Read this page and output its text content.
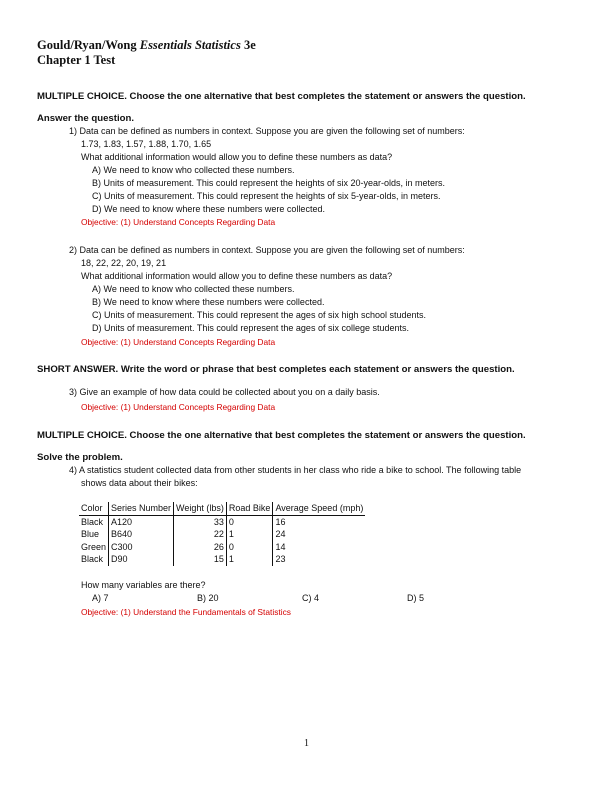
Gould/Ryan/Wong Essentials Statistics 3e
Chapter 1 Test
MULTIPLE CHOICE. Choose the one alternative that best completes the statement or answers the question.
Answer the question.
1) Data can be defined as numbers in context. Suppose you are given the following set of numbers:
1.73, 1.83, 1.57, 1.88, 1.70, 1.65
What additional information would allow you to define these numbers as data?
A) We need to know who collected these numbers.
B) Units of measurement. This could represent the heights of six 20-year-olds, in meters.
C) Units of measurement. This could represent the heights of six 5-year-olds, in meters.
D) We need to know where these numbers were collected.
Objective: (1) Understand Concepts Regarding Data
2) Data can be defined as numbers in context. Suppose you are given the following set of numbers:
18, 22, 22, 20, 19, 21
What additional information would allow you to define these numbers as data?
A) We need to know who collected these numbers.
B) We need to know where these numbers were collected.
C) Units of measurement. This could represent the ages of six high school students.
D) Units of measurement. This could represent the ages of six college students.
Objective: (1) Understand Concepts Regarding Data
SHORT ANSWER. Write the word or phrase that best completes each statement or answers the question.
3) Give an example of how data could be collected about you on a daily basis.
Objective: (1) Understand Concepts Regarding Data
MULTIPLE CHOICE. Choose the one alternative that best completes the statement or answers the question.
Solve the problem.
4) A statistics student collected data from other students in her class who ride a bike to school. The following table
shows data about their bikes:
Color	Series Number	Weight (lbs)	Road Bike	Average Speed (mph)
Black	A120	33	0	16
Blue	B640	22	1	24
Green	C300	26	0	14
Black	D90	15	1	23
How many variables are there?
A) 7	B) 20	C) 4	D) 5
Objective: (1) Understand the Fundamentals of Statistics
1
